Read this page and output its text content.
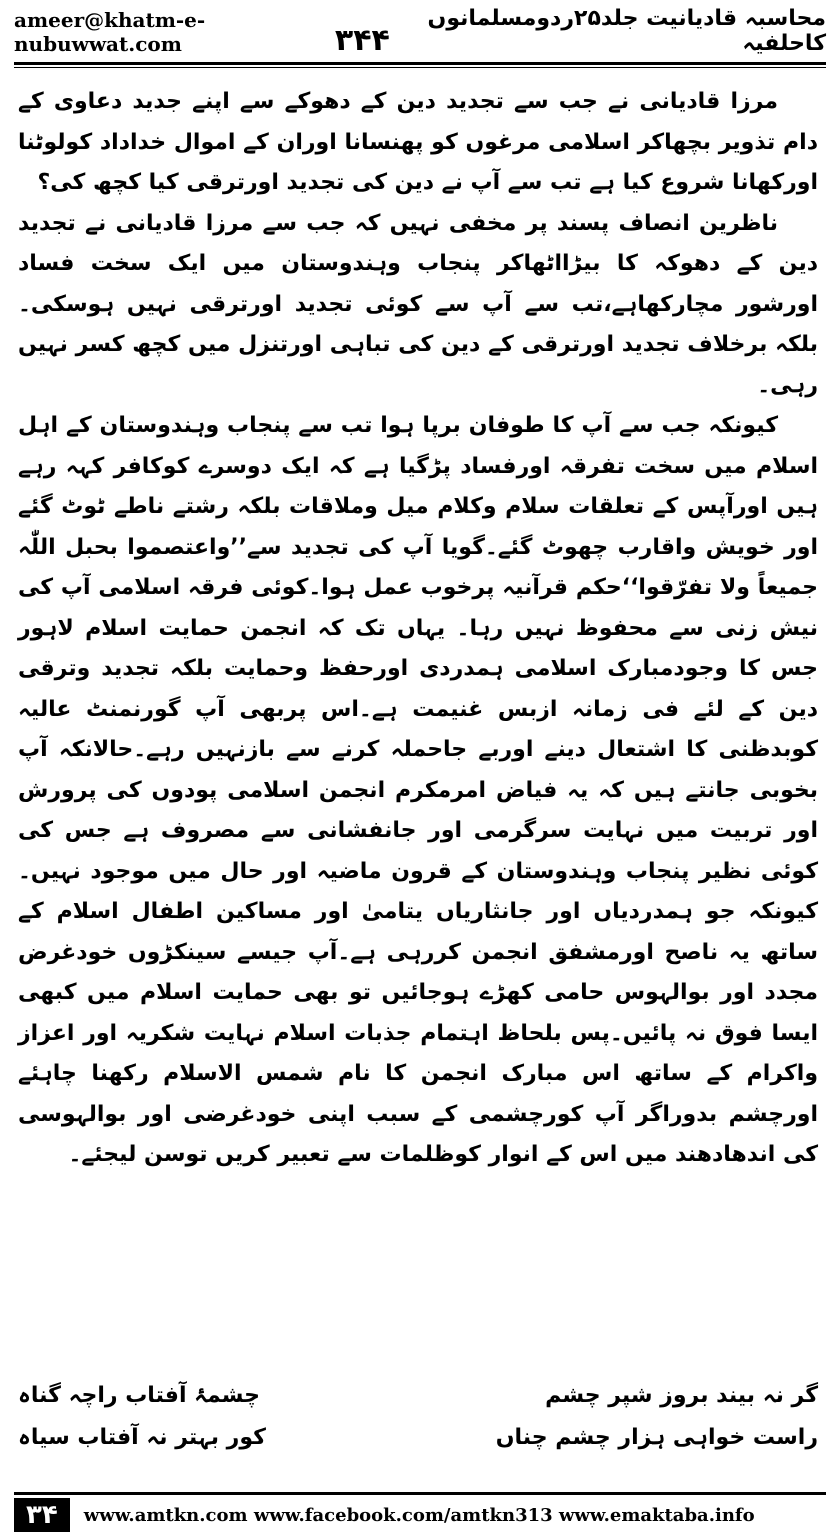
ameer@khatm-e-nubuwwat.com	۳۴۴
محاسبہ قادیانیت جلد۲۵ردومسلمانوں کاحلفیہ

مرزا قادیانی نے جب سے تجدید دین کے دھوکے سے اپنے جدید دعاوی کے دام تذویر بچھاکر اسلامی مرغوں کو پھنسانا اوران کے اموال خداداد کولوٹنا اورکھانا شروع کیا ہے تب سے آپ نے دین کی تجدید اورترقی کیا کچھ کی؟

ناظرین انصاف پسند پر مخفی نہیں کہ جب سے مرزا قادیانی نے تجدید دین کے دھوکہ کا بیڑااٹھاکر پنجاب وہندوستان میں ایک سخت فساد اورشور مچارکھاہے،تب سے آپ سے کوئی تجدید اورترقی نہیں ہوسکی۔ بلکہ برخلاف تجدید اورترقی کے دین کی تباہی اورتنزل میں کچھ کسر نہیں رہی۔

کیونکہ جب سے آپ کا طوفان برپا ہوا تب سے پنجاب وہندوستان کے اہل اسلام میں سخت تفرقہ اورفساد پڑگیا ہے کہ ایک دوسرے کوکافر کہہ رہے ہیں اورآپس کے تعلقات سلام وکلام میل وملاقات بلکہ رشتے ناطے ٹوٹ گئے اور خویش واقارب چھوٹ گئے۔گویا آپ کی تجدید سے’’واعتصموا بحبل اللّٰہ جمیعاً ولا تفرّقوا‘‘حکم قرآنیہ پرخوب عمل ہوا۔کوئی فرقہ اسلامی آپ کی نیش زنی سے محفوظ نہیں رہا۔ یہاں تک کہ انجمن حمایت اسلام لاہور جس کا وجودمبارک اسلامی ہمدردی اورحفظ وحمایت بلکہ تجدید وترقی دین کے لئے فی زمانہ ازبس غنیمت ہے۔اس پربھی آپ گورنمنٹ عالیہ کوبدظنی کا اشتعال دینے اوربے جاحملہ کرنے سے بازنہیں رہے۔حالانکہ آپ بخوبی جانتے ہیں کہ یہ فیاض امرمکرم انجمن اسلامی پودوں کی پرورش اور تربیت میں نہایت سرگرمی اور جانفشانی سے مصروف ہے جس کی کوئی نظیر پنجاب وہندوستان کے قرون ماضیہ اور حال میں موجود نہیں۔ کیونکہ جو ہمدردیاں اور جانثاریاں یتامیٰ اور مساکین اطفال اسلام کے ساتھ یہ ناصح اورمشفق انجمن کررہی ہے۔آپ جیسے سینکڑوں خودغرض مجدد اور بوالہوس حامی کھڑے ہوجائیں تو بھی حمایت اسلام میں کبھی ایسا فوق نہ پائیں۔پس بلحاظ اہتمام جذبات اسلام نہایت شکریہ اور اعزاز واکرام کے ساتھ اس مبارک انجمن کا نام شمس الاسلام رکھنا چاہئے اورچشم بدوراگر آپ کورچشمی کے سبب اپنی خودغرضی اور بوالہوسی کی اندھادھند میں اس کے انوار کوظلمات سے تعبیر کریں توسن لیجئے۔

گر نہ بیند بروز شپر چشم
چشمۂ آفتاب راچہ گناہ
راست خواہی ہزار چشم چناں
کور بہتر نہ آفتاب سیاہ
۳۴	www.amtkn.com www.facebook.com/amtkn313 www.emaktaba.info
